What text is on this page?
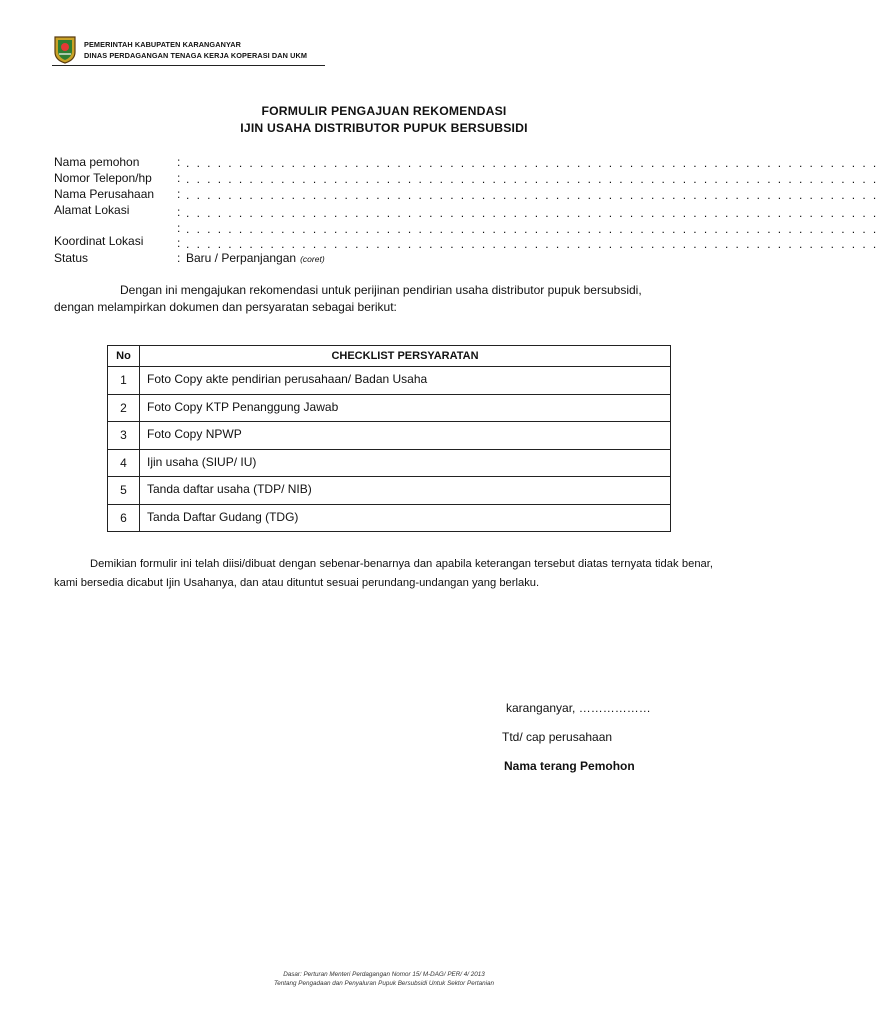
PEMERINTAH KABUPATEN KARANGANYAR
DINAS PERDAGANGAN TENAGA KERJA KOPERASI DAN UKM
FORMULIR PENGAJUAN REKOMENDASI
IJIN USAHA DISTRIBUTOR PUPUK BERSUBSIDI
Nama pemohon	: . . . . . . . . . . . . . . . . . . . . . . . . . . . . . . . . . . . . . . . . . . . . . . . . . . . . . . . . . . . . . . . . . .
Nomor Telepon/hp : . . . . . . . . . . . . . . . . . . . . . . . . . . . . . . . . . . . . . . . . . . . . . . . . . . . . . . . . . . . . . . . . . .
Nama Perusahaan : . . . . . . . . . . . . . . . . . . . . . . . . . . . . . . . . . . . . . . . . . . . . . . . . . . . . . . . . . . . . . . . . . .
Alamat Lokasi	: . . . . . . . . . . . . . . . . . . . . . . . . . . . . . . . . . . . . . . . . . . . . . . . . . . . . . . . . . . . . . . . . . .
: . . . . . . . . . . . . . . . . . . . . . . . . . . . . . . . . . . . . . . . . . . . . . . . . . . . . . . . . . . . . . . . . . .
Koordinat Lokasi	: . . . . . . . . . . . . . . . . . . . . . . . . . . . . . . . . . . . . . . . . . . . . . . . . . . . . . . . . . . . . . . . . . .
Status	: Baru / Perpanjangan (coret)
Dengan ini mengajukan rekomendasi untuk perijinan pendirian usaha distributor pupuk bersubsidi,
dengan melampirkan dokumen dan persyaratan sebagai berikut:
No	CHECKLIST PERSYARATAN
1	Foto Copy akte pendirian perusahaan/ Badan Usaha
2	Foto Copy KTP Penanggung Jawab
3	Foto Copy NPWP
4	Ijin usaha (SIUP/ IU)
5	Tanda daftar usaha (TDP/ NIB)
6	Tanda Daftar Gudang (TDG)
Demikian formulir ini telah diisi/dibuat dengan sebenar-benarnya dan apabila keterangan tersebut diatas ternyata tidak benar, kami bersedia dicabut Ijin Usahanya, dan atau dituntut sesuai perundang-undangan yang berlaku.
karanganyar, ………………
Ttd/ cap perusahaan
Nama terang Pemohon
Dasar: Perturan Menteri Perdagangan Nomor 15/ M-DAG/ PER/ 4/ 2013
Tentang Pengadaan dan Penyaluran Pupuk Bersubsidi Untuk Sektor Pertanian
